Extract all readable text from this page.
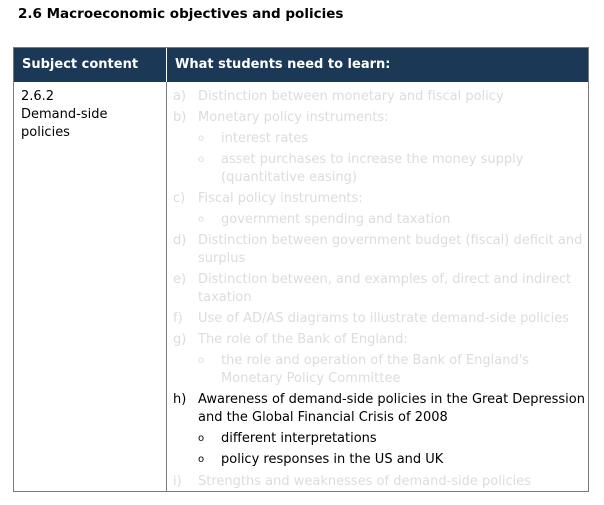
2.6 Macroeconomic objectives and policies
Subject content	What students need to learn:
2.6.2
Demand-side
policies
a) Distinction between monetary and fiscal policy
b) Monetary policy instruments:
o interest rates
o asset purchases to increase the money supply (quantitative easing)
c) Fiscal policy instruments:
o government spending and taxation
d) Distinction between government budget (fiscal) deficit and surplus
e) Distinction between, and examples of, direct and indirect taxation
f) Use of AD/AS diagrams to illustrate demand-side policies
g) The role of the Bank of England:
o the role and operation of the Bank of England's Monetary Policy Committee
h) Awareness of demand-side policies in the Great Depression and the Global Financial Crisis of 2008
o different interpretations
o policy responses in the US and UK
i) Strengths and weaknesses of demand-side policies
